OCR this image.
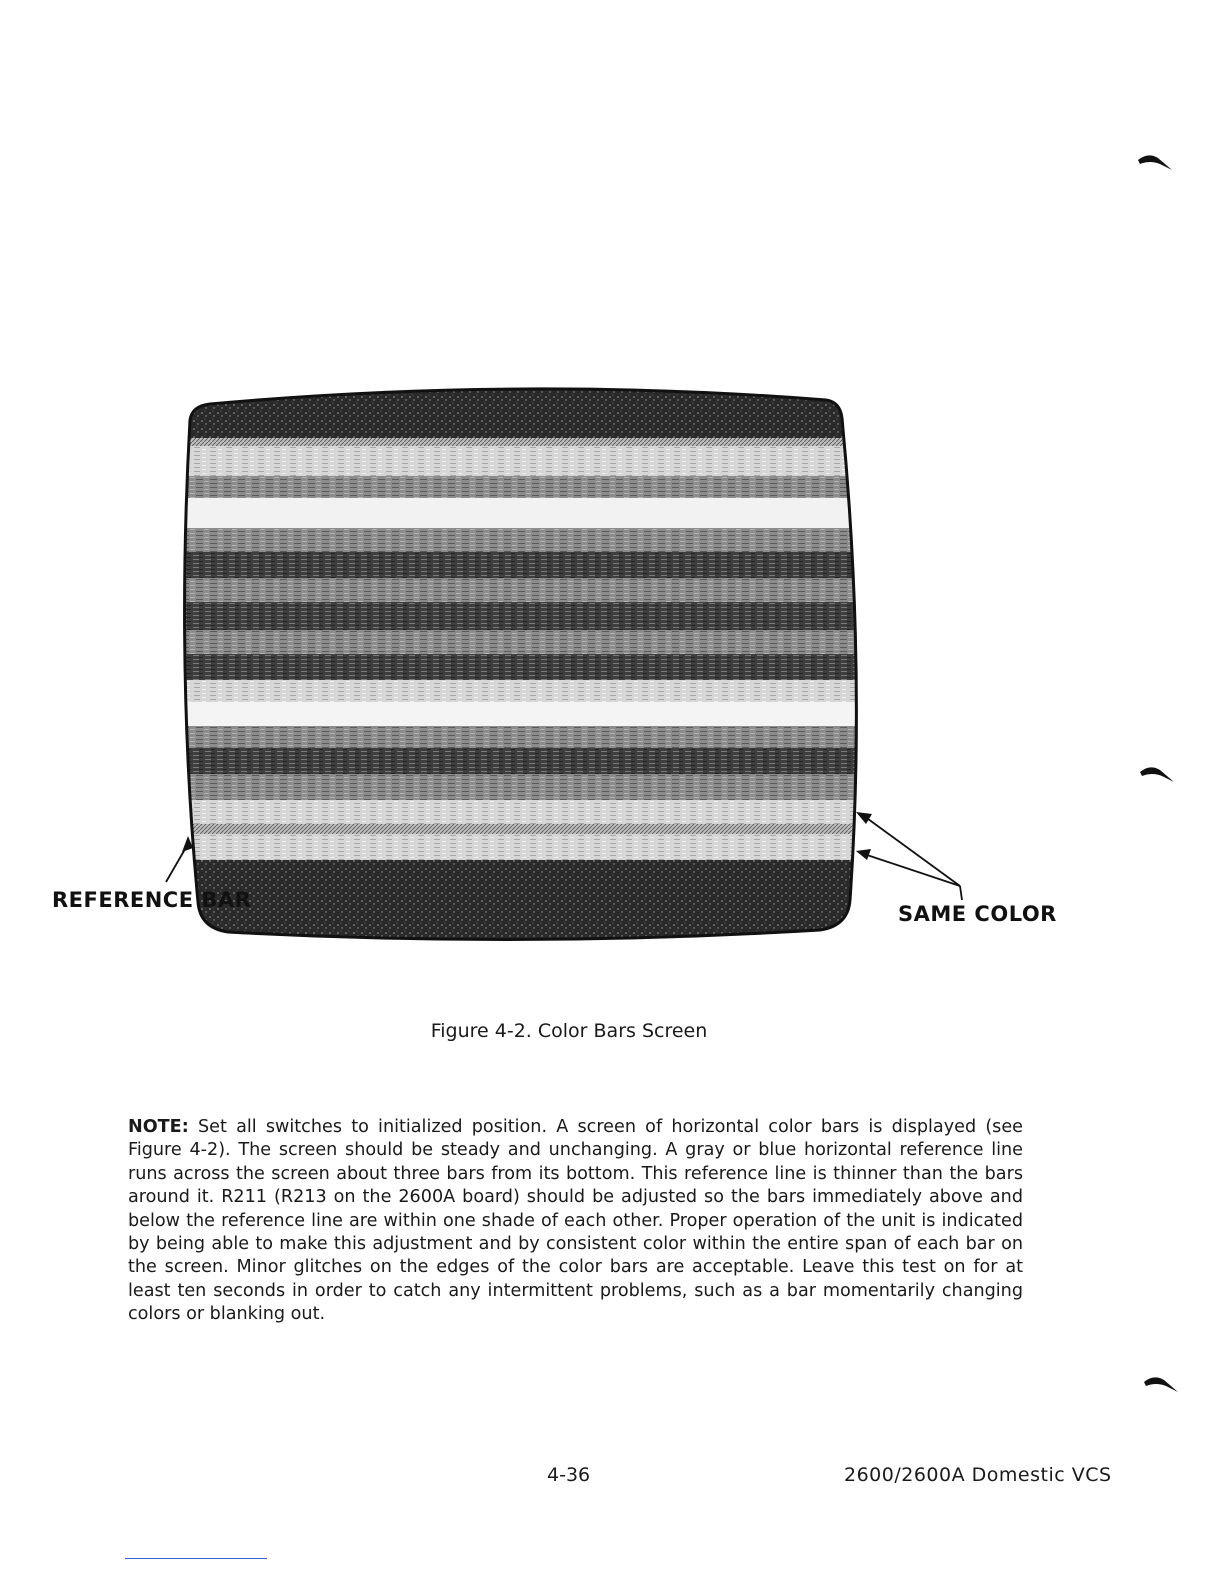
REFERENCE BAR
SAME COLOR
Figure 4-2. Color Bars Screen
NOTE: Set all switches to initialized position. A screen of horizontal color bars is displayed (see Figure 4-2). The screen should be steady and unchanging. A gray or blue horizontal reference line runs across the screen about three bars from its bottom. This reference line is thinner than the bars around it. R211 (R213 on the 2600A board) should be adjusted so the bars immediately above and below the reference line are within one shade of each other. Proper operation of the unit is indicated by being able to make this adjustment and by consistent color within the entire span of each bar on the screen. Minor glitches on the edges of the color bars are acceptable. Leave this test on for at least ten seconds in order to catch any intermittent problems, such as a bar momentarily changing colors or blanking out.
4-36	2600/2600A Domestic VCS
